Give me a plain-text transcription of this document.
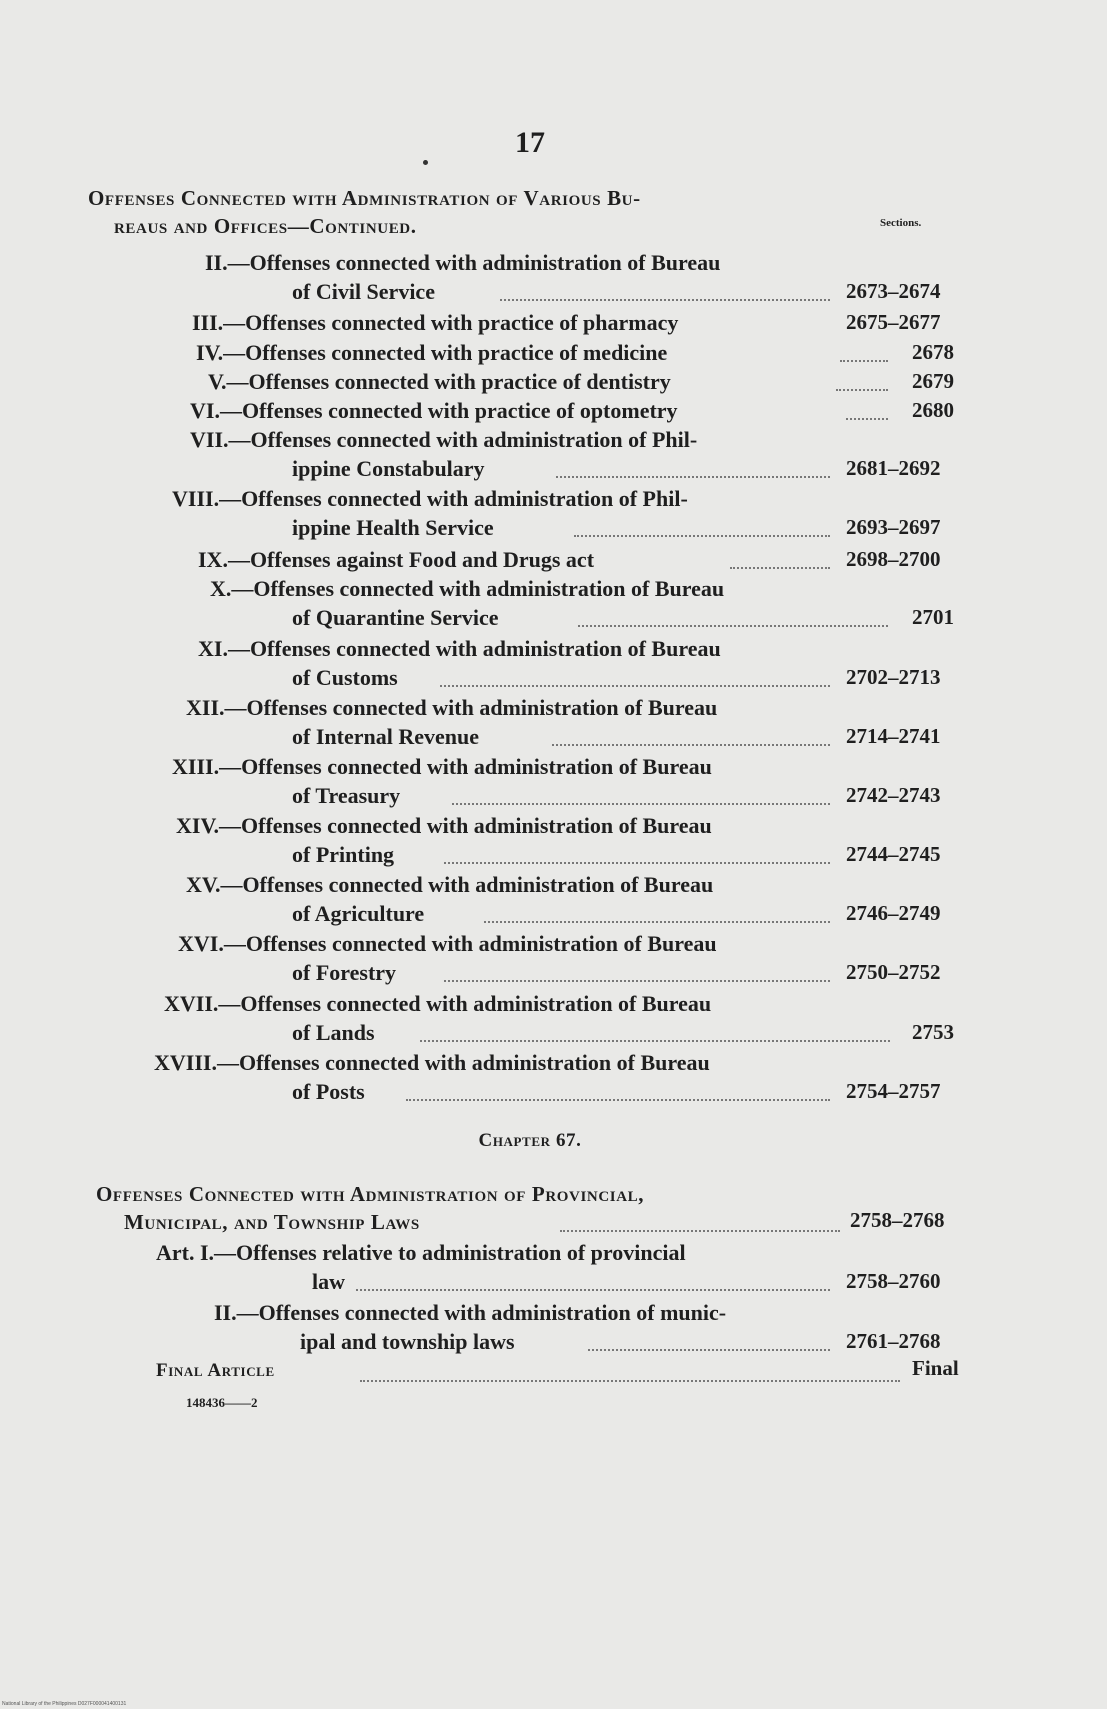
17
Offenses Connected with Administration of Various Bu-
reaus and Offices—Continued.	Sections.
II.—Offenses connected with administration of Bureau
of Civil Service	2673–2674
III.—Offenses connected with practice of pharmacy	2675–2677
IV.—Offenses connected with practice of medicine	2678
V.—Offenses connected with practice of dentistry	2679
VI.—Offenses connected with practice of optometry	2680
VII.—Offenses connected with administration of Phil-
ippine Constabulary	2681–2692
VIII.—Offenses connected with administration of Phil-
ippine Health Service	2693–2697
IX.—Offenses against Food and Drugs act	2698–2700
X.—Offenses connected with administration of Bureau
of Quarantine Service	2701
XI.—Offenses connected with administration of Bureau
of Customs	2702–2713
XII.—Offenses connected with administration of Bureau
of Internal Revenue	2714–2741
XIII.—Offenses connected with administration of Bureau
of Treasury	2742–2743
XIV.—Offenses connected with administration of Bureau
of Printing	2744–2745
XV.—Offenses connected with administration of Bureau
of Agriculture	2746–2749
XVI.—Offenses connected with administration of Bureau
of Forestry	2750–2752
XVII.—Offenses connected with administration of Bureau
of Lands	2753
XVIII.—Offenses connected with administration of Bureau
of Posts	2754–2757
Chapter 67.
Offenses Connected with Administration of Provincial,
Municipal, and Township Laws	2758–2768
Art. I.—Offenses relative to administration of provincial
law	2758–2760
II.—Offenses connected with administration of munic-
ipal and township laws	2761–2768
Final Article	Final
148436——2
National Library of the Philippines D027F000041400131
